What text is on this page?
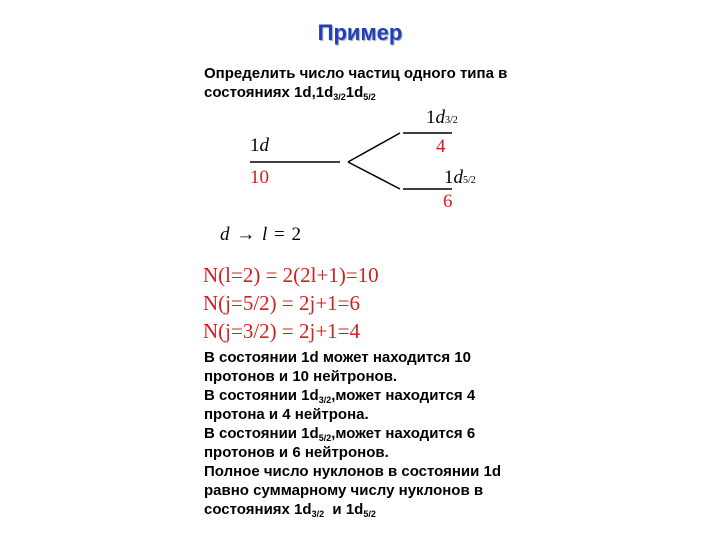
Пример
Определить число частиц одного типа в
состояниях $1d,1d_{3/2}1d_{5/2}$
1d
10
1d3/2
4
1d5/2
6
d → l = 2
N(l=2) = 2(2l+1)=10
N(j=5/2) = 2j+1=6
N(j=3/2) = 2j+1=4
В состоянии 1d может находится 10
протонов и 10 нейтронов.
В состоянии $1d_{3/2},может$ находится 4
протона и 4 нейтрона.
В состоянии $1d_{5/2},может$ находится 6
протонов и 6 нейтронов.
Полное число нуклонов в состоянии 1d
равно суммарному числу нуклонов в
состояниях $1d_{3/2}$  и $1d_{5/2}$
